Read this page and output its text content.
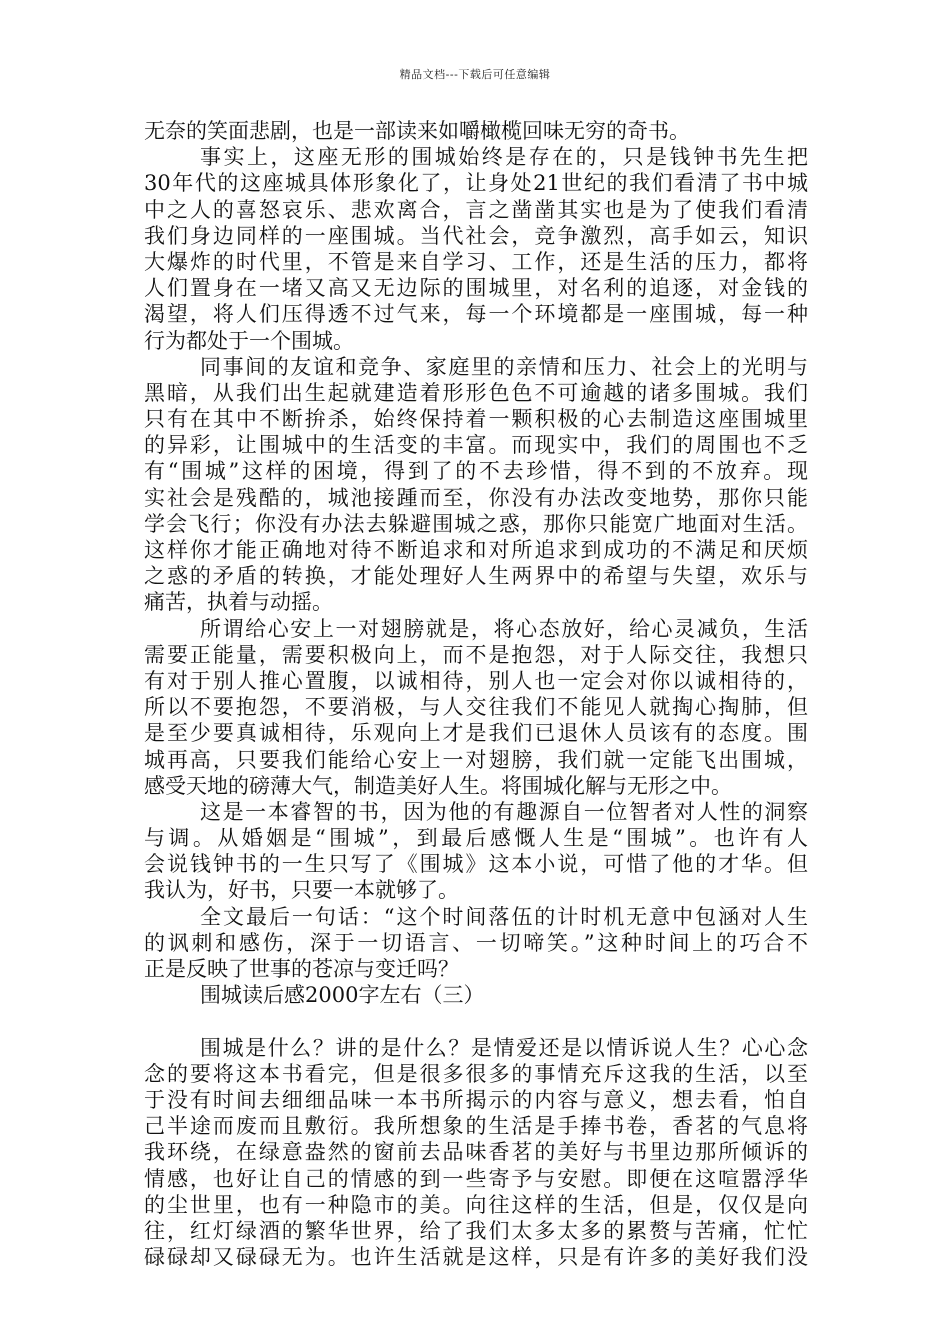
精品文档---下载后可任意编辑
无奈的笑面悲剧，也是一部读来如嚼橄榄回味无穷的奇书。
事实上，这座无形的围城始终是存在的，只是钱钟书先生把
30年代的这座城具体形象化了，让身处21世纪的我们看清了书中城
中之人的喜怒哀乐、悲欢离合，言之凿凿其实也是为了使我们看清
我们身边同样的一座围城。当代社会，竞争激烈，高手如云，知识
大爆炸的时代里，不管是来自学习、工作，还是生活的压力，都将
人们置身在一堵又高又无边际的围城里，对名利的追逐，对金钱的
渴望，将人们压得透不过气来，每一个环境都是一座围城，每一种
行为都处于一个围城。
同事间的友谊和竞争、家庭里的亲情和压力、社会上的光明与
黑暗，从我们出生起就建造着形形色色不可逾越的诸多围城。我们
只有在其中不断拚杀，始终保持着一颗积极的心去制造这座围城里
的异彩，让围城中的生活变的丰富。而现实中，我们的周围也不乏
有“围城”这样的困境，得到了的不去珍惜，得不到的不放弃。现
实社会是残酷的，城池接踵而至，你没有办法改变地势，那你只能
学会飞行；你没有办法去躲避围城之惑，那你只能宽广地面对生活。
这样你才能正确地对待不断追求和对所追求到成功的不满足和厌烦
之惑的矛盾的转换，才能处理好人生两界中的希望与失望，欢乐与
痛苦，执着与动摇。
所谓给心安上一对翅膀就是，将心态放好，给心灵减负，生活
需要正能量，需要积极向上，而不是抱怨，对于人际交往，我想只
有对于别人推心置腹，以诚相待，别人也一定会对你以诚相待的，
所以不要抱怨，不要消极，与人交往我们不能见人就掏心掏肺，但
是至少要真诚相待，乐观向上才是我们已退休人员该有的态度。围
城再高，只要我们能给心安上一对翅膀，我们就一定能飞出围城，
感受天地的磅薄大气，制造美好人生。将围城化解与无形之中。
这是一本睿智的书，因为他的有趣源自一位智者对人性的洞察
与调。从婚姻是“围城”，到最后感慨人生是“围城”。也许有人
会说钱钟书的一生只写了《围城》这本小说，可惜了他的才华。但
我认为，好书，只要一本就够了。
全文最后一句话：“这个时间落伍的计时机无意中包涵对人生
的讽刺和感伤，深于一切语言、一切啼笑。”这种时间上的巧合不
正是反映了世事的苍凉与变迁吗？
围城读后感2000字左右（三）
围城是什么？讲的是什么？是情爱还是以情诉说人生？心心念
念的要将这本书看完，但是很多很多的事情充斥这我的生活，以至
于没有时间去细细品味一本书所揭示的内容与意义，想去看，怕自
己半途而废而且敷衍。我所想象的生活是手捧书卷，香茗的气息将
我环绕，在绿意盎然的窗前去品味香茗的美好与书里边那所倾诉的
情感，也好让自己的情感的到一些寄予与安慰。即便在这喧嚣浮华
的尘世里，也有一种隐市的美。向往这样的生活，但是，仅仅是向
往，红灯绿酒的繁华世界，给了我们太多太多的累赘与苦痛，忙忙
碌碌却又碌碌无为。也许生活就是这样，只是有许多的美好我们没
